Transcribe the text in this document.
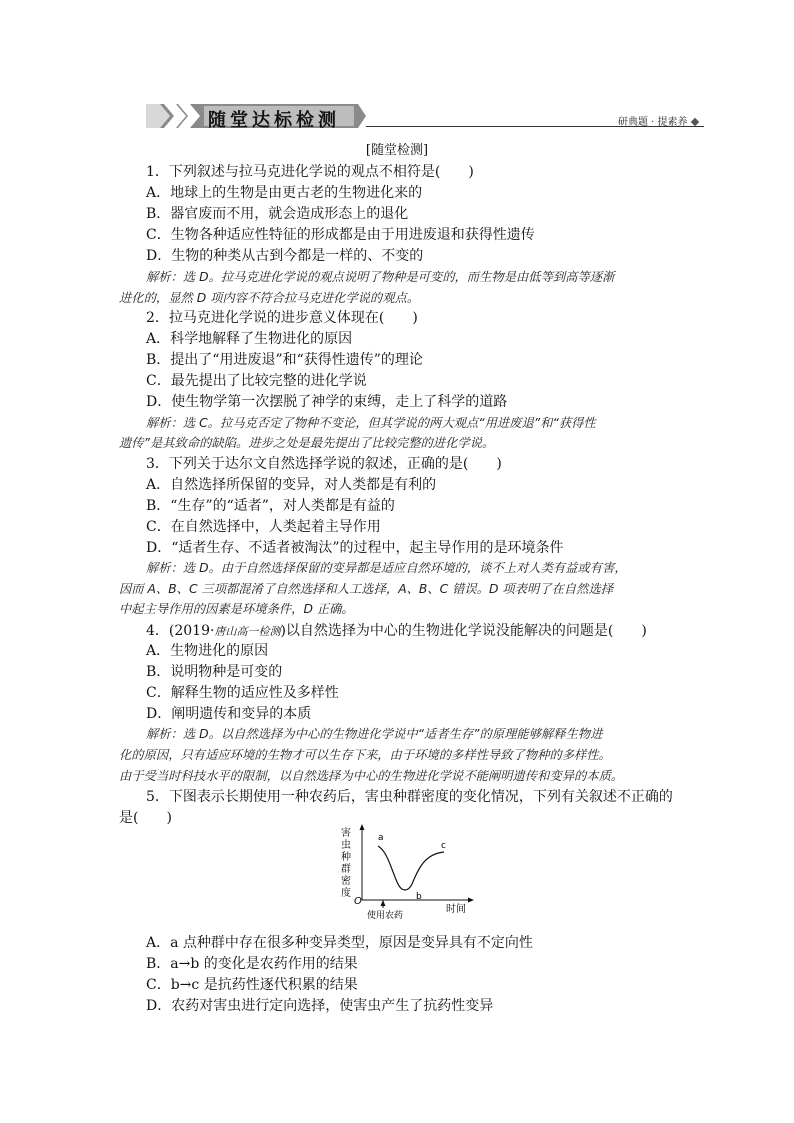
随堂达标检测	研典题 · 提素养
[随堂检测]
1．下列叙述与拉马克进化学说的观点不相符是(　　)
A．地球上的生物是由更古老的生物进化来的
B．器官废而不用，就会造成形态上的退化
C．生物各种适应性特征的形成都是由于用进废退和获得性遗传
D．生物的种类从古到今都是一样的、不变的
解析：选 D。拉马克进化学说的观点说明了物种是可变的，而生物是由低等到高等逐渐
进化的，显然 D 项内容不符合拉马克进化学说的观点。
2．拉马克进化学说的进步意义体现在(　　)
A．科学地解释了生物进化的原因
B．提出了“用进废退”和“获得性遗传”的理论
C．最先提出了比较完整的进化学说
D．使生物学第一次摆脱了神学的束缚，走上了科学的道路
解析：选 C。拉马克否定了物种不变论，但其学说的两大观点“用进废退”和“获得性
遗传”是其致命的缺陷。进步之处是最先提出了比较完整的进化学说。
3．下列关于达尔文自然选择学说的叙述，正确的是(　　)
A．自然选择所保留的变异，对人类都是有利的
B．“生存”的“适者”，对人类都是有益的
C．在自然选择中，人类起着主导作用
D．“适者生存、不适者被淘汰”的过程中，起主导作用的是环境条件
解析：选 D。由于自然选择保留的变异都是适应自然环境的，谈不上对人类有益或有害，
因而 A、B、C 三项都混淆了自然选择和人工选择，A、B、C 错误。D 项表明了在自然选择
中起主导作用的因素是环境条件，D 正确。
4．(2019·唐山高一检测)以自然选择为中心的生物进化学说没能解决的问题是(　　)
A．生物进化的原因
B．说明物种是可变的
C．解释生物的适应性及多样性
D．阐明遗传和变异的本质
解析：选 D。以自然选择为中心的生物进化学说中“适者生存”的原理能够解释生物进
化的原因，只有适应环境的生物才可以生存下来，由于环境的多样性导致了物种的多样性。
由于受当时科技水平的限制，以自然选择为中心的生物进化学说不能阐明遗传和变异的本质。
5．下图表示长期使用一种农药后，害虫种群密度的变化情况，下列有关叙述不正确的
是(　　)
害
虫
种
群
密
度
O
使用农药
时间
a
b
c
A．a 点种群中存在很多种变异类型，原因是变异具有不定向性
B．a→b 的变化是农药作用的结果
C．b→c 是抗药性逐代积累的结果
D．农药对害虫进行定向选择，使害虫产生了抗药性变异
